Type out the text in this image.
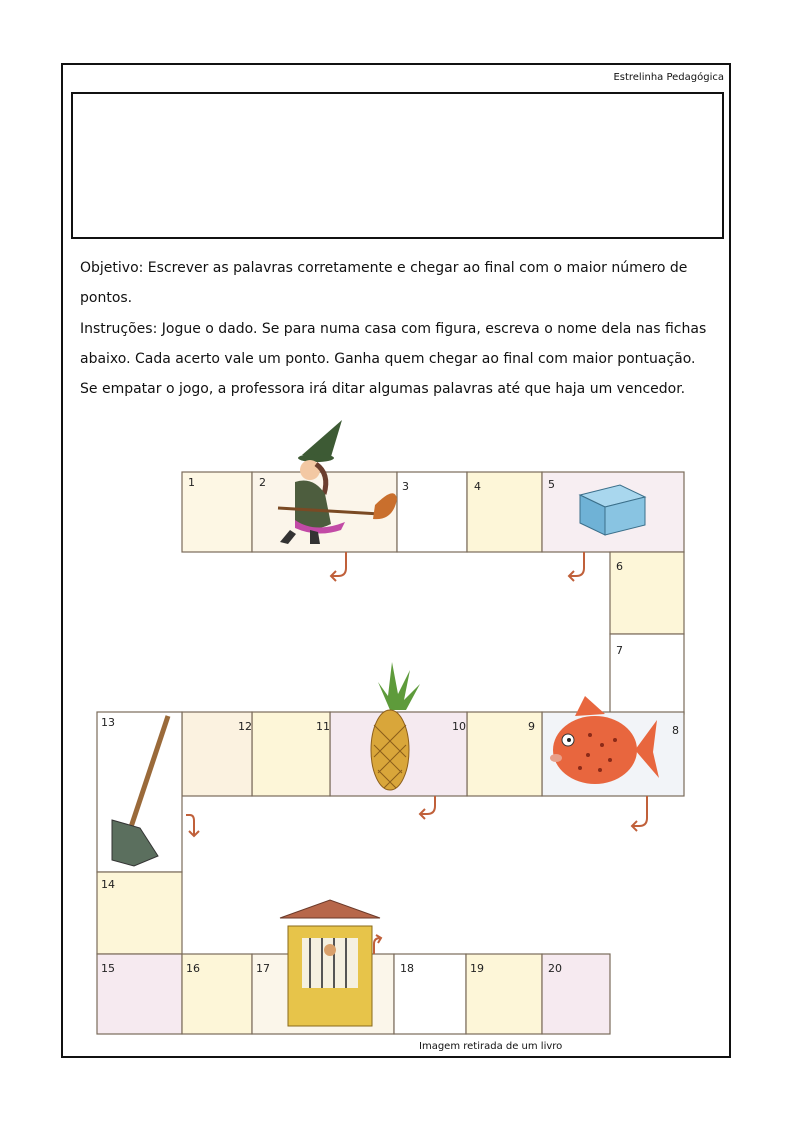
Estrelinha Pedagógica
Objetivo: Escrever as palavras corretamente e chegar ao final com o maior número de
pontos.
Instruções: Jogue o dado. Se para numa casa com figura, escreva o nome dela nas fichas
abaixo. Cada acerto vale um ponto. Ganha quem chegar ao final com maior pontuação.
Se empatar o jogo, a professora irá ditar algumas palavras até que haja um vencedor.
1	2	3	4	5
6
7
8
9
10
11
12
13
14
15	16	17	18	19	20
Imagem retirada de um livro
